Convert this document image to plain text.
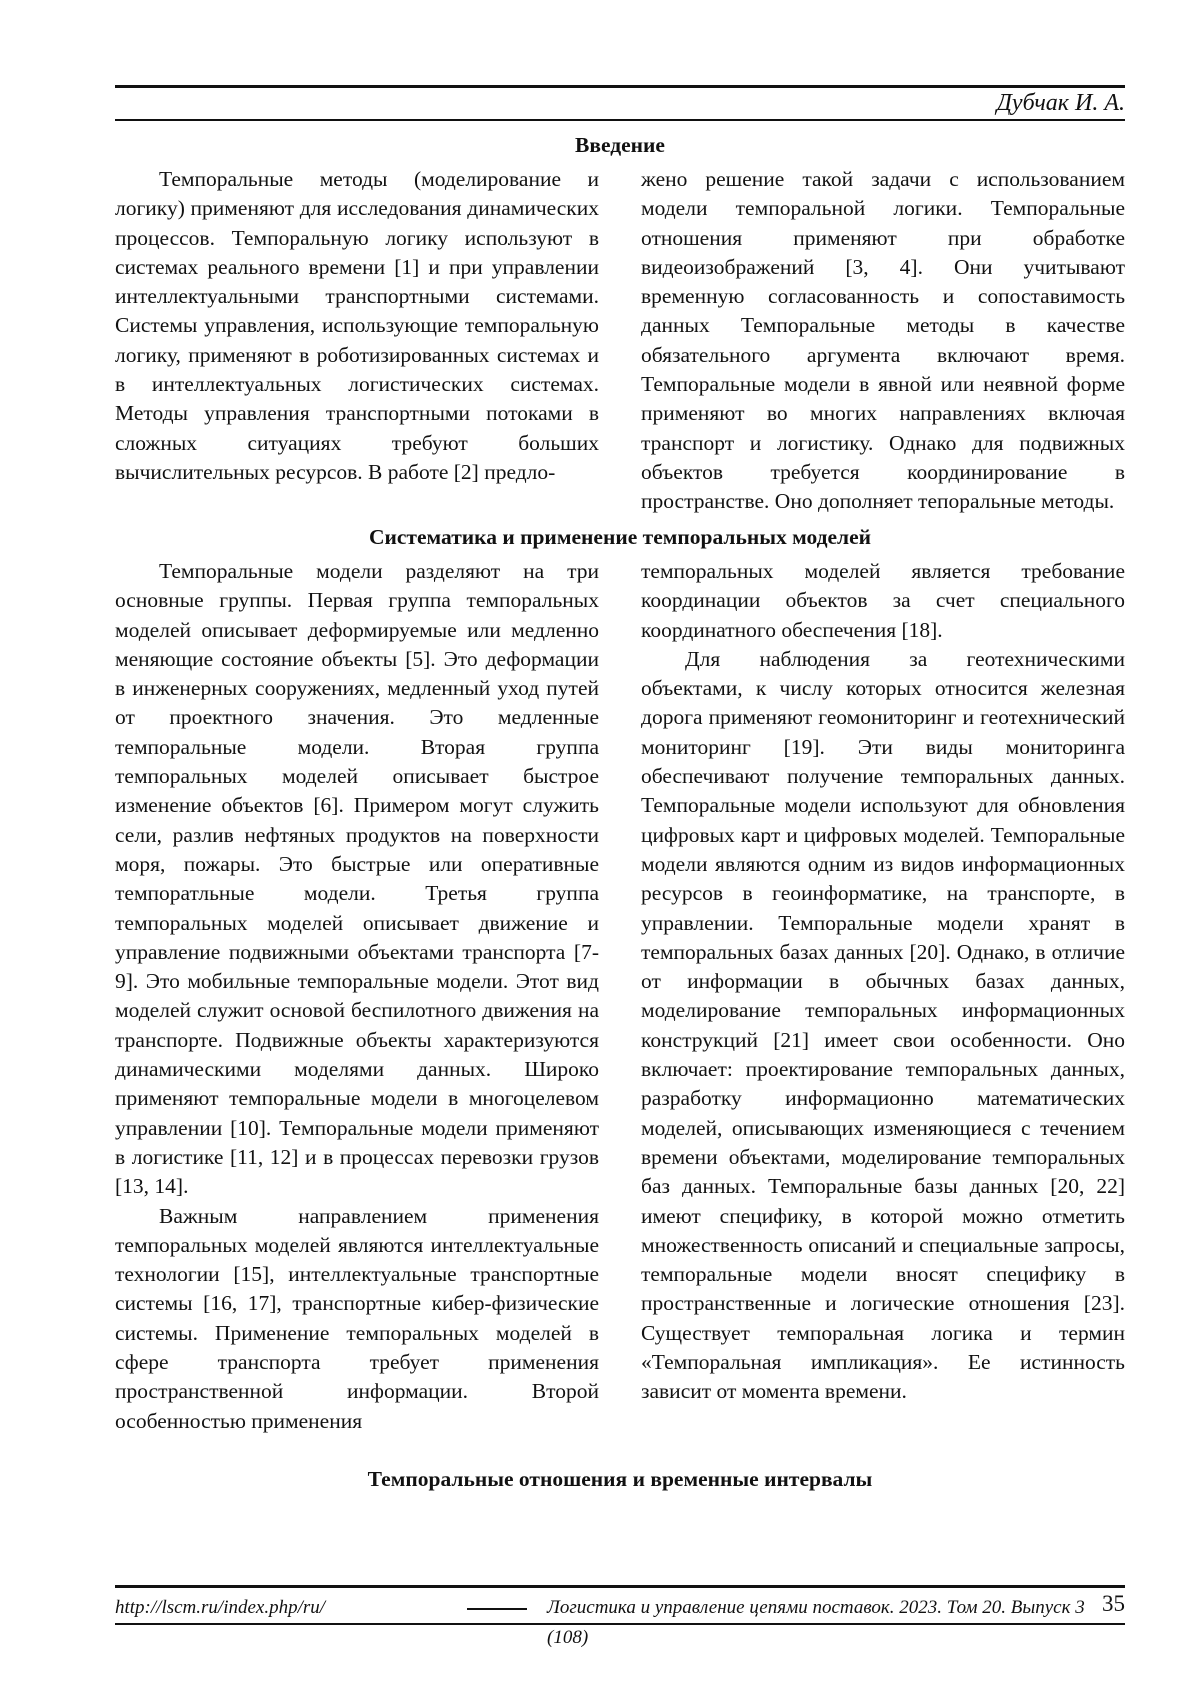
Дубчак И. А.
Введение

Темпоральные методы (моделирование и логику) применяют для исследования динамических процессов. Темпоральную логику используют в системах реального времени [1] и при управлении интеллектуальными транспортными системами. Системы управления, использующие темпоральную логику, применяют в роботизированных системах и в интеллектуальных логистических системах. Методы управления транспортными потоками в сложных ситуациях требуют больших вычислительных ресурсов. В работе [2] предло-

жено решение такой задачи с использованием модели темпоральной логики. Темпоральные отношения применяют при обработке видеоизображений [3, 4]. Они учитывают временную согласованность и сопоставимость данных Темпоральные методы в качестве обязательного аргумента включают время. Темпоральные модели в явной или неявной форме применяют во многих направлениях включая транспорт и логистику. Однако для подвижных объектов требуется координирование в пространстве. Оно дополняет тепоральные методы.

Систематика и применение темпоральных моделей

Темпоральные модели разделяют на три основные группы. Первая группа темпоральных моделей описывает деформируемые или медленно меняющие состояние объекты [5]. Это деформации в инженерных сооружениях, медленный уход путей от проектного значения. Это медленные темпоральные модели. Вторая группа темпоральных моделей описывает быстрое изменение объектов [6]. Примером могут служить сели, разлив нефтяных продуктов на поверхности моря, пожары. Это быстрые или оперативные темпоратльные модели. Третья группа темпоральных моделей описывает движение и управление подвижными объектами транспорта [7-9]. Это мобильные темпоральные модели. Этот вид моделей служит основой беспилотного движения на транспорте. Подвижные объекты характеризуются динамическими моделями данных. Широко применяют темпоральные модели в многоцелевом управлении [10]. Темпоральные модели применяют в логистике [11, 12] и в процессах перевозки грузов [13, 14].

Важным направлением применения темпоральных моделей являются интеллектуальные технологии [15], интеллектуальные транспортные системы [16, 17], транспортные кибер-физические системы. Применение темпоральных моделей в сфере транспорта требует применения пространственной информации. Второй особенностью применения

темпоральных моделей является требование координации объектов за счет специального координатного обеспечения [18].

Для наблюдения за геотехническими объектами, к числу которых относится железная дорога применяют геомониторинг и геотехнический мониторинг [19]. Эти виды мониторинга обеспечивают получение темпоральных данных. Темпоральные модели используют для обновления цифровых карт и цифровых моделей. Темпоральные модели являются одним из видов информационных ресурсов в геоинформатике, на транспорте, в управлении. Темпоральные модели хранят в темпоральных базах данных [20]. Однако, в отличие от информации в обычных базах данных, моделирование темпоральных информационных конструкций [21] имеет свои особенности. Оно включает: проектирование темпоральных данных, разработку информационно математических моделей, описывающих изменяющиеся с течением времени объектами, моделирование темпоральных баз данных. Темпоральные базы данных [20, 22] имеют специфику, в которой можно отметить множественность описаний и специальные запросы, темпоральные модели вносят специфику в пространственные и логические отношения [23]. Существует темпоральная логика и термин «Темпоральная импликация». Ее истинность зависит от момента времени.

Темпоральные отношения и временные интервалы
http://lscm.ru/index.php/ru/	Логистика и управление цепями поставок. 2023. Том 20. Выпуск 3 (108)
35
